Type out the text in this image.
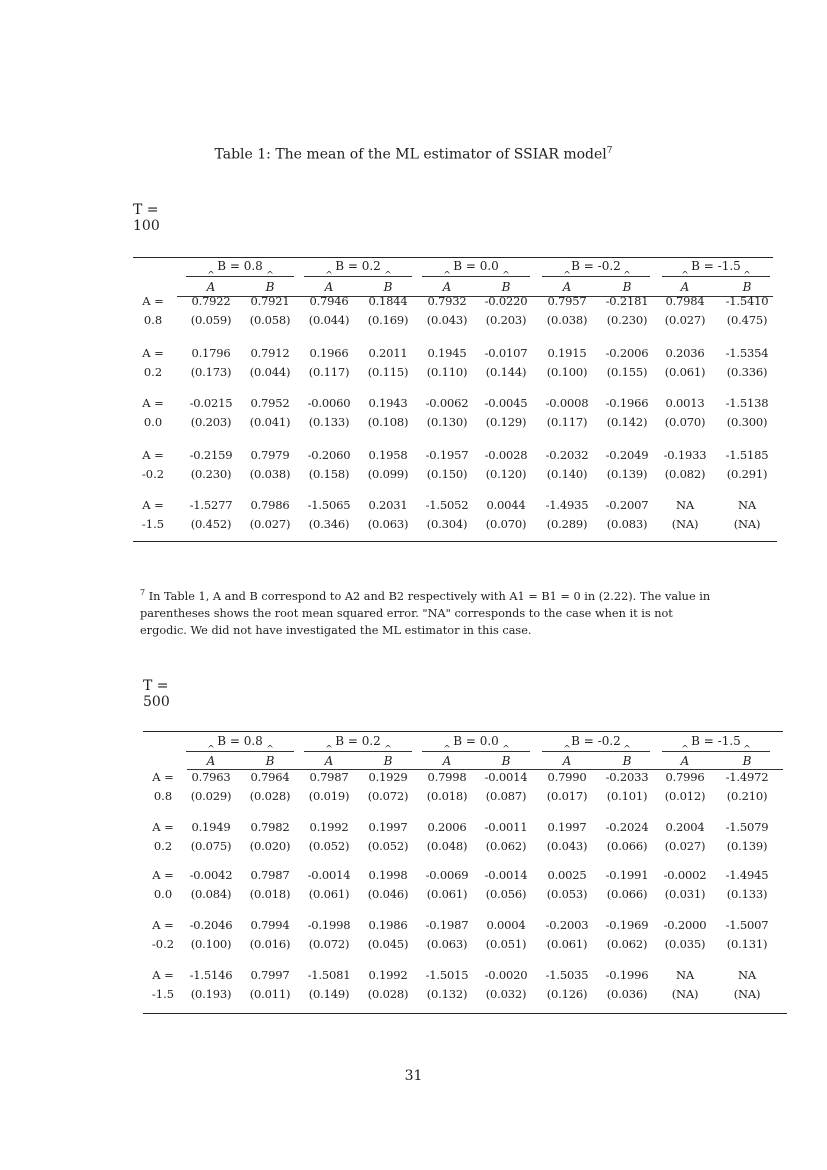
Table 1: The mean of the ML estimator of SSIAR model$^7$
T = 100
B = 0.8	B = 0.2	B = 0.0	B = -0.2	B = -1.5
^ A	^ B	^ A	^ B	^ A	^ B	^ A	^ B	^ A	^ B
A =
0.8
0.7922	0.7921	0.7946	0.1844	0.7932	-0.0220	0.7957	-0.2181	0.7984	-1.5410
(0.059)	(0.058)	(0.044)	(0.169)	(0.043)	(0.203)	(0.038)	(0.230)	(0.027)	(0.475)
A =
0.2
0.1796	0.7912	0.1966	0.2011	0.1945	-0.0107	0.1915	-0.2006	0.2036	-1.5354
(0.173)	(0.044)	(0.117)	(0.115)	(0.110)	(0.144)	(0.100)	(0.155)	(0.061)	(0.336)
A =
0.0
-0.0215	0.7952	-0.0060	0.1943	-0.0062	-0.0045	-0.0008	-0.1966	0.0013	-1.5138
(0.203)	(0.041)	(0.133)	(0.108)	(0.130)	(0.129)	(0.117)	(0.142)	(0.070)	(0.300)
A =
-0.2
-0.2159	0.7979	-0.2060	0.1958	-0.1957	-0.0028	-0.2032	-0.2049	-0.1933	-1.5185
(0.230)	(0.038)	(0.158)	(0.099)	(0.150)	(0.120)	(0.140)	(0.139)	(0.082)	(0.291)
A =
-1.5
-1.5277	0.7986	-1.5065	0.2031	-1.5052	0.0044	-1.4935	-0.2007	NA	NA
(0.452)	(0.027)	(0.346)	(0.063)	(0.304)	(0.070)	(0.289)	(0.083)	(NA)	(NA)
T = 500
B = 0.8	B = 0.2	B = 0.0	B = -0.2	B = -1.5
^ A	^ B	^ A	^ B	^ A	^ B	^ A	^ B	^ A	^ B
A =
0.8
0.7963	0.7964	0.7987	0.1929	0.7998	-0.0014	0.7990	-0.2033	0.7996	-1.4972
(0.029)	(0.028)	(0.019)	(0.072)	(0.018)	(0.087)	(0.017)	(0.101)	(0.012)	(0.210)
A =
0.2
0.1949	0.7982	0.1992	0.1997	0.2006	-0.0011	0.1997	-0.2024	0.2004	-1.5079
(0.075)	(0.020)	(0.052)	(0.052)	(0.048)	(0.062)	(0.043)	(0.066)	(0.027)	(0.139)
A =
0.0
-0.0042	0.7987	-0.0014	0.1998	-0.0069	-0.0014	0.0025	-0.1991	-0.0002	-1.4945
(0.084)	(0.018)	(0.061)	(0.046)	(0.061)	(0.056)	(0.053)	(0.066)	(0.031)	(0.133)
A =
-0.2
-0.2046	0.7994	-0.1998	0.1986	-0.1987	0.0004	-0.2003	-0.1969	-0.2000	-1.5007
(0.100)	(0.016)	(0.072)	(0.045)	(0.063)	(0.051)	(0.061)	(0.062)	(0.035)	(0.131)
A =
-1.5
-1.5146	0.7997	-1.5081	0.1992	-1.5015	-0.0020	-1.5035	-0.1996	NA	NA
(0.193)	(0.011)	(0.149)	(0.028)	(0.132)	(0.032)	(0.126)	(0.036)	(NA)	(NA)
$^7$ In Table 1, A and B correspond to A2 and B2 respectively with A1 = B1 = 0 in (2.22). The value in parentheses shows the root mean squared error. "NA" corresponds to the case when it is not ergodic. We did not have investigated the ML estimator in this case.
31
